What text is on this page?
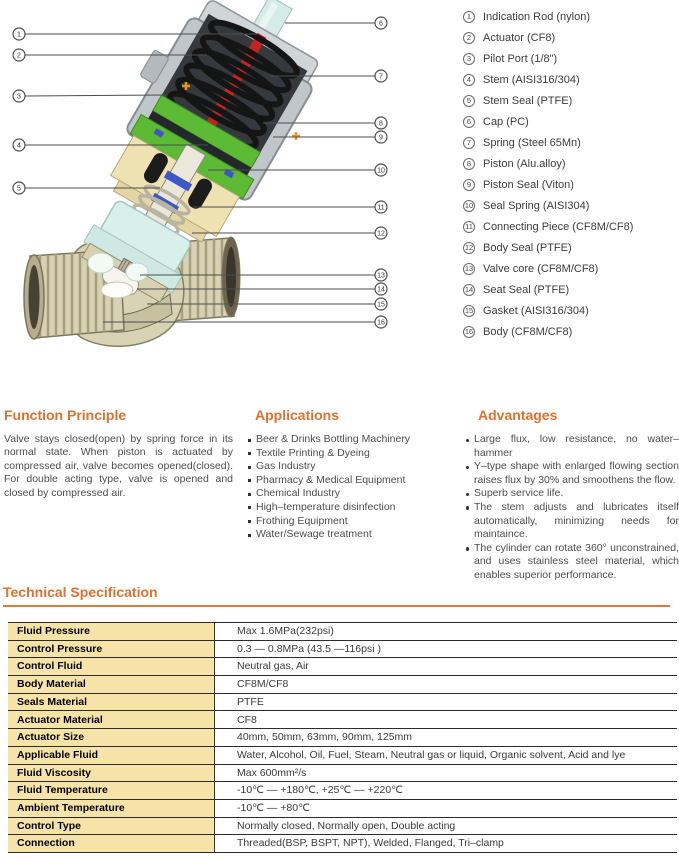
1
2
3
4
5
6
7
8
9
10
11
12
13
14
15
16
1	Indication Rod (nylon)
2	Actuator (CF8)
3	Pilot Port (1/8")
4	Stem (AISI316/304)
5	Stem Seal (PTFE)
6	Cap (PC)
7	Spring (Steel 65Mn)
8	Piston (Alu.alloy)
9	Piston Seal (Viton)
10 Seal Spring (AISI304)
11 Connecting Piece (CF8M/CF8)
12 Body Seal (PTFE)
13 Valve core (CF8M/CF8)
14 Seat Seal (PTFE)
15 Gasket (AISI316/304)
16 Body (CF8M/CF8)
Function Principle

Valve stays closed(open) by spring force in its normal state. When piston is actuated by compressed air, valve becomes opened(closed). For double acting type, valve is opened and closed by compressed air.

Applications
Beer & Drinks Bottling Machinery
Textile Printing & Dyeing
Gas Industry
Pharmacy & Medical Equipment
Chemical Industry
High–temperature disinfection
Frothing Equipment
Water/Sewage treatment
Advantages
Large flux, low resistance, no water–hammer
Y–type shape with enlarged flowing section raises flux by 30% and smoothens the flow.
Superb service life.
The stem adjusts and lubricates itself automatically, minimizing needs for maintaince.
The cylinder can rotate 360° unconstrained, and uses stainless steel material, which enables superior performance.
Technical Specification
Fluid Pressure	Max 1.6MPa(232psi)
Control Pressure	0.3 — 0.8MPa (43.5 —116psi )
Control Fluid	Neutral gas, Air
Body Material	CF8M/CF8
Seals Material	PTFE
Actuator Material	CF8
Actuator Size	40mm, 50mm, 63mm, 90mm, 125mm
Applicable Fluid	Water, Alcohol, Oil, Fuel, Steam, Neutral gas or liquid, Organic solvent, Acid and lye
Fluid Viscosity	Max 600mm²/s
Fluid Temperature	-10℃ — +180℃, +25℃ — +220℃
Ambient Temperature	-10℃ — +80℃
Control Type	Normally closed, Normally open, Double acting
Connection	Threaded(BSP, BSPT, NPT), Welded, Flanged, Tri–clamp
